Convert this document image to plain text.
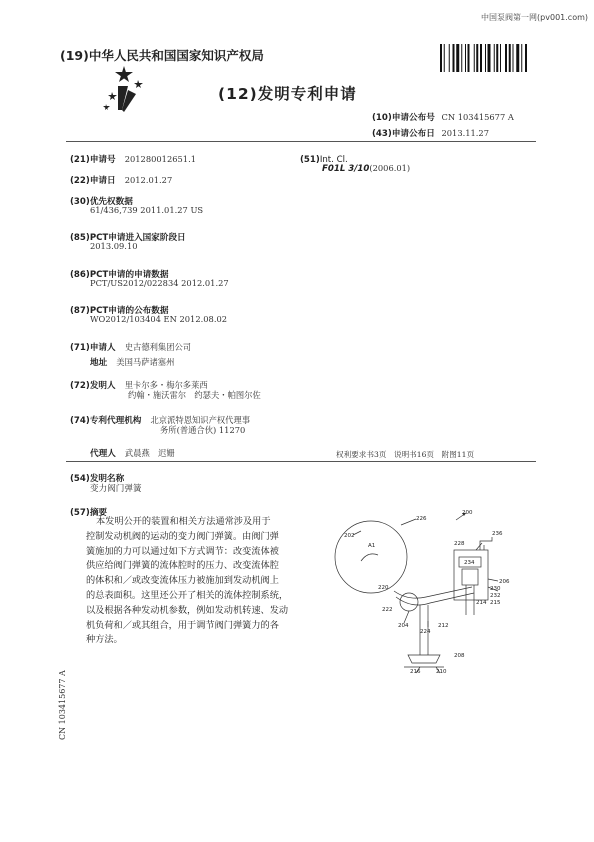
中国泵阀第一网(pv001.com)
(19)中华人民共和国国家知识产权局
(12)发明专利申请
(10)申请公布号 CN 103415677 A
(43)申请公布日 2013.11.27
(21)申请号 201280012651.1
(22)申请日 2012.01.27
(30)优先权数据
61/436,739 2011.01.27 US
(85)PCT申请进入国家阶段日
2013.09.10
(86)PCT申请的申请数据
PCT/US2012/022834 2012.01.27
(87)PCT申请的公布数据
WO2012/103404 EN 2012.08.02
(71)申请人 史古德利集团公司
地址 美国马萨诸塞州
(72)发明人 里卡尔多・梅尔多莱西
约翰・施沃雷尔　约瑟夫・帕图尔佐
(74)专利代理机构 北京派特恩知识产权代理事
务所(普通合伙) 11270
代理人 武晨燕　迟姗
(51)Int. Cl.
F01L 3/10(2006.01)
权利要求书3页　说明书16页　附图11页
(54)发明名称
变力阀门弹簧
(57)摘要
本发明公开的装置和相关方法通常涉及用于
控制发动机阀的运动的变力阀门弹簧。由阀门弹
簧施加的力可以通过如下方式调节：改变流体被
供应给阀门弹簧的流体腔时的压力、改变流体腔
的体积和／或改变流体压力被施加到发动机阀上
的总表面积。这里还公开了相关的流体控制系统，
以及根据各种发动机参数，例如发动机转速、发动
机负荷和／或其组合，用于调节阀门弹簧力的各
种方法。
200
202
226
A1	228
236
234
206
230
232
214 215
220
222
204
224
212
208
216	210
CN 103415677 A
